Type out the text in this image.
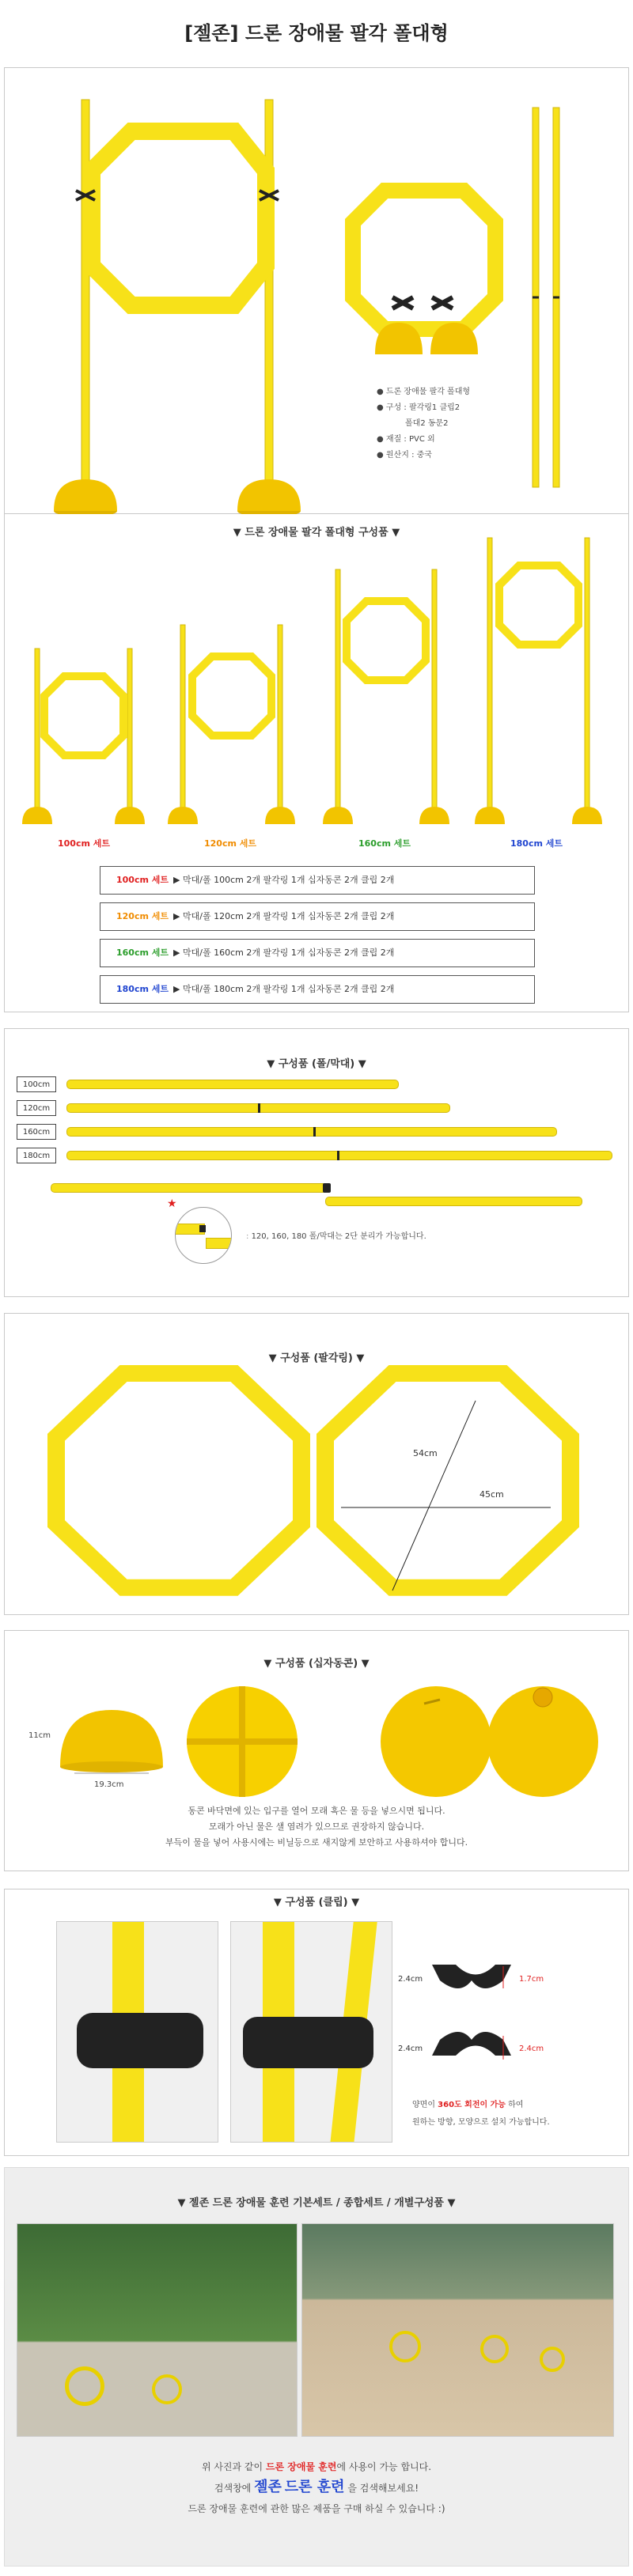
[젤존] 드론 장애물 팔각 폴대형
● 드론 장애물 팔각 폴대형
● 구성 : 팔각링1 클립2
폴대2 동문2
● 재질 : PVC 외
● 원산지 : 중국
▼ 드론 장애물 팔각 폴대형 구성품 ▼
100cm 세트	120cm 세트	160cm 세트	180cm 세트
100cm 세트 ▶ 막대/폴 100cm 2개 팔각링 1개 십자동콘 2개 클립 2개
120cm 세트 ▶ 막대/폴 120cm 2개 팔각링 1개 십자동콘 2개 클립 2개
160cm 세트 ▶ 막대/폴 160cm 2개 팔각링 1개 십자동콘 2개 클립 2개
180cm 세트 ▶ 막대/폴 180cm 2개 팔각링 1개 십자동콘 2개 클립 2개
▼ 구성품 (폴/막대) ▼
100cm
120cm
160cm
180cm
★
: 120, 160, 180 폴/막대는 2단 분리가 가능합니다.
▼ 구성품 (팔각링) ▼
54cm
45cm
▼ 구성품 (십자동콘) ▼
11cm
19.3cm
동콘 바닥면에 있는 입구를 열어 모래 혹은 물 등을 넣으시면 됩니다.
모래가 아닌 물은 샐 염려가 있으므로 권장하지 않습니다.
부득이 물을 넣어 사용시에는 비닐등으로 새지않게 보안하고 사용하셔야 합니다.
▼ 구성품 (클립) ▼
2.4cm	1.7cm
2.4cm	2.4cm
양면이 360도 회전이 가능 하여
원하는 방향, 모양으로 설치 가능합니다.
▼ 젤존 드론 장애물 훈련 기본세트 / 종합세트 / 개별구성품 ▼
위 사진과 같이 드론 장애물 훈련에 사용이 가능 합니다.
검색창에 젤존 드론 훈련 을 검색해보세요!
드론 장애물 훈련에 관한 많은 제품을 구매 하실 수 있습니다 :)
